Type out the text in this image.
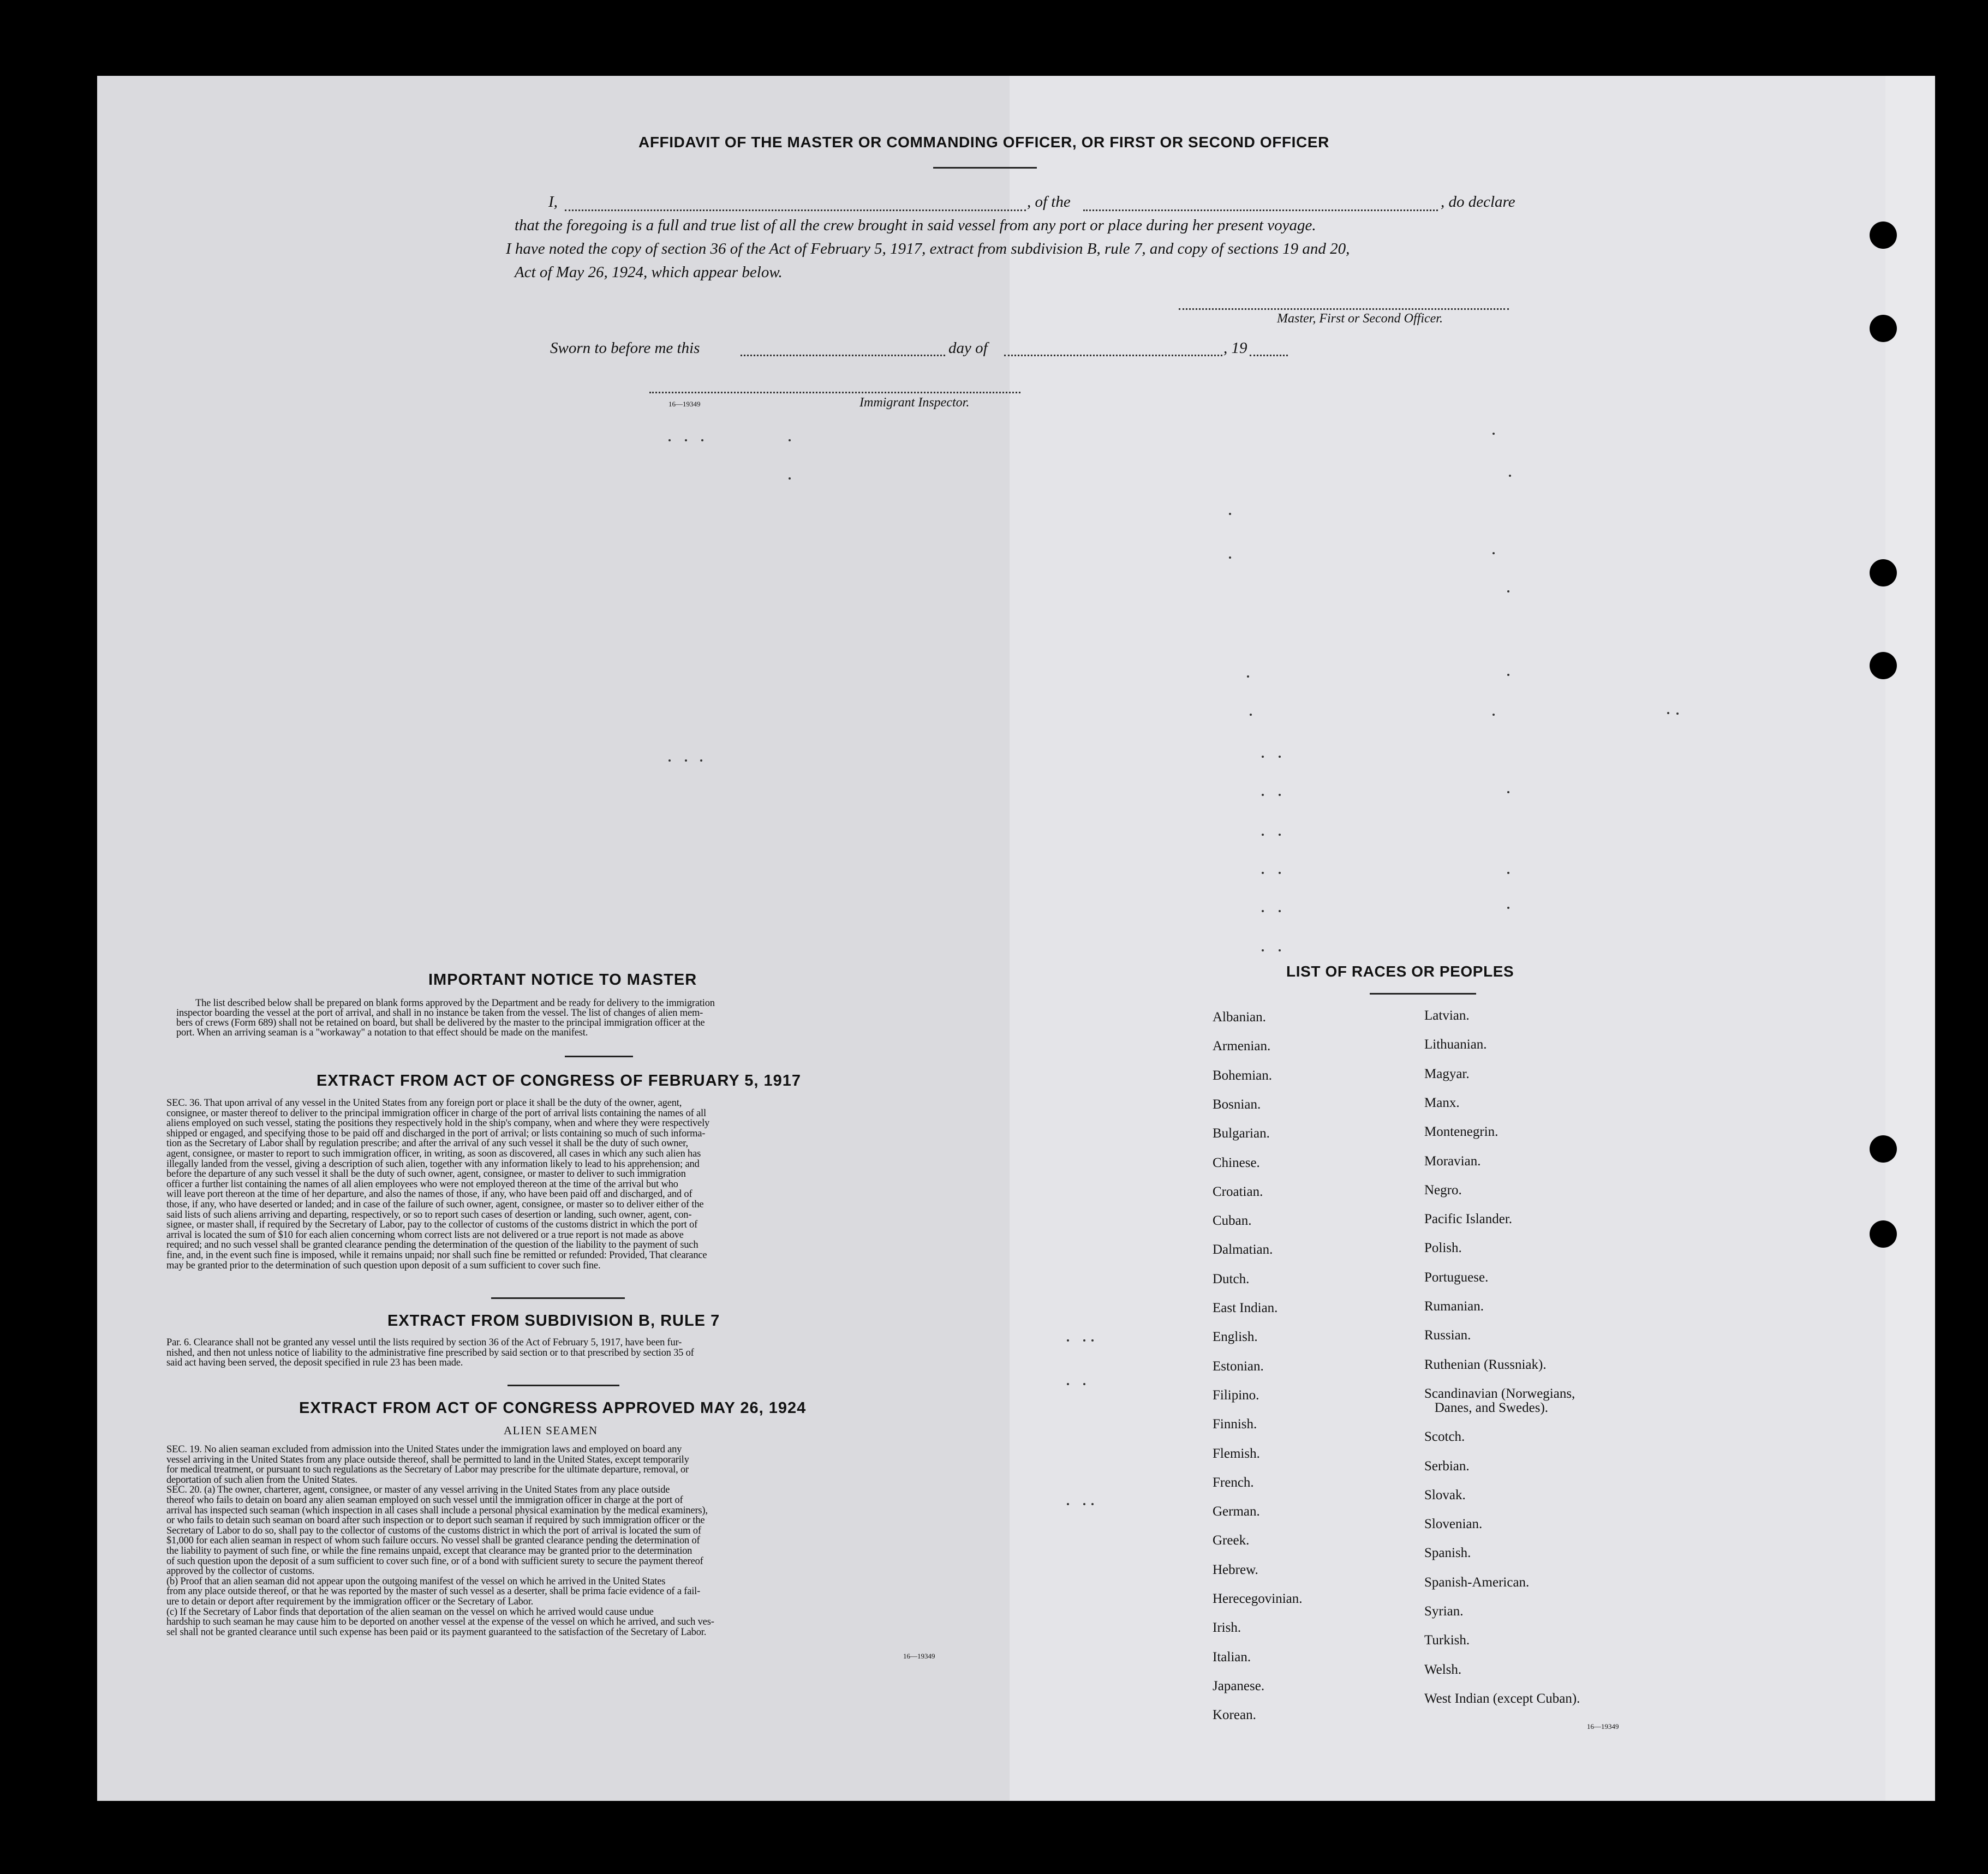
AFFIDAVIT OF THE MASTER OR COMMANDING OFFICER, OR FIRST OR SECOND OFFICER
I,	, of the	, do declare
that the foregoing is a full and true list of all the crew brought in said vessel from any port or place during her present voyage.
I have noted the copy of section 36 of the Act of February 5, 1917, extract from subdivision B, rule 7, and copy of sections 19 and 20,
Act of May 26, 1924, which appear below.
Master, First or Second Officer.
Sworn to before me this	day of	, 19
16—19349	Immigrant Inspector.
IMPORTANT NOTICE TO MASTER
The list described below shall be prepared on blank forms approved by the Department and be ready for delivery to the immigration
inspector boarding the vessel at the port of arrival, and shall in no instance be taken from the vessel. The list of changes of alien mem-
bers of crews (Form 689) shall not be retained on board, but shall be delivered by the master to the principal immigration officer at the
port. When an arriving seaman is a "workaway" a notation to that effect should be made on the manifest.
EXTRACT FROM ACT OF CONGRESS OF FEBRUARY 5, 1917
SEC. 36. That upon arrival of any vessel in the United States from any foreign port or place it shall be the duty of the owner, agent,
consignee, or master thereof to deliver to the principal immigration officer in charge of the port of arrival lists containing the names of all
aliens employed on such vessel, stating the positions they respectively hold in the ship's company, when and where they were respectively
shipped or engaged, and specifying those to be paid off and discharged in the port of arrival; or lists containing so much of such informa-
tion as the Secretary of Labor shall by regulation prescribe; and after the arrival of any such vessel it shall be the duty of such owner,
agent, consignee, or master to report to such immigration officer, in writing, as soon as discovered, all cases in which any such alien has
illegally landed from the vessel, giving a description of such alien, together with any information likely to lead to his apprehension; and
before the departure of any such vessel it shall be the duty of such owner, agent, consignee, or master to deliver to such immigration
officer a further list containing the names of all alien employees who were not employed thereon at the time of the arrival but who
will leave port thereon at the time of her departure, and also the names of those, if any, who have been paid off and discharged, and of
those, if any, who have deserted or landed; and in case of the failure of such owner, agent, consignee, or master so to deliver either of the
said lists of such aliens arriving and departing, respectively, or so to report such cases of desertion or landing, such owner, agent, con-
signee, or master shall, if required by the Secretary of Labor, pay to the collector of customs of the customs district in which the port of
arrival is located the sum of $10 for each alien concerning whom correct lists are not delivered or a true report is not made as above
required; and no such vessel shall be granted clearance pending the determination of the question of the liability to the payment of such
fine, and, in the event such fine is imposed, while it remains unpaid; nor shall such fine be remitted or refunded: Provided, That clearance
may be granted prior to the determination of such question upon deposit of a sum sufficient to cover such fine.
EXTRACT FROM SUBDIVISION B, RULE 7
Par. 6. Clearance shall not be granted any vessel until the lists required by section 36 of the Act of February 5, 1917, have been fur-
nished, and then not unless notice of liability to the administrative fine prescribed by said section or to that prescribed by section 35 of
said act having been served, the deposit specified in rule 23 has been made.
EXTRACT FROM ACT OF CONGRESS APPROVED MAY 26, 1924
ALIEN SEAMEN
SEC. 19. No alien seaman excluded from admission into the United States under the immigration laws and employed on board any
vessel arriving in the United States from any place outside thereof, shall be permitted to land in the United States, except temporarily
for medical treatment, or pursuant to such regulations as the Secretary of Labor may prescribe for the ultimate departure, removal, or
deportation of such alien from the United States.
SEC. 20. (a) The owner, charterer, agent, consignee, or master of any vessel arriving in the United States from any place outside
thereof who fails to detain on board any alien seaman employed on such vessel until the immigration officer in charge at the port of
arrival has inspected such seaman (which inspection in all cases shall include a personal physical examination by the medical examiners),
or who fails to detain such seaman on board after such inspection or to deport such seaman if required by such immigration officer or the
Secretary of Labor to do so, shall pay to the collector of customs of the customs district in which the port of arrival is located the sum of
$1,000 for each alien seaman in respect of whom such failure occurs. No vessel shall be granted clearance pending the determination of
the liability to payment of such fine, or while the fine remains unpaid, except that clearance may be granted prior to the determination
of such question upon the deposit of a sum sufficient to cover such fine, or of a bond with sufficient surety to secure the payment thereof
approved by the collector of customs.
(b) Proof that an alien seaman did not appear upon the outgoing manifest of the vessel on which he arrived in the United States
from any place outside thereof, or that he was reported by the master of such vessel as a deserter, shall be prima facie evidence of a fail-
ure to detain or deport after requirement by the immigration officer or the Secretary of Labor.
(c) If the Secretary of Labor finds that deportation of the alien seaman on the vessel on which he arrived would cause undue
hardship to such seaman he may cause him to be deported on another vessel at the expense of the vessel on which he arrived, and such ves-
sel shall not be granted clearance until such expense has been paid or its payment guaranteed to the satisfaction of the Secretary of Labor.
16—19349
LIST OF RACES OR PEOPLES
Albanian.
Armenian.
Bohemian.
Bosnian.
Bulgarian.
Chinese.
Croatian.
Cuban.
Dalmatian.
Dutch.
East Indian.
English.
Estonian.
Filipino.
Finnish.
Flemish.
French.
German.
Greek.
Hebrew.
Herecegovinian.
Irish.
Italian.
Japanese.
Korean.
Latvian.
Lithuanian.
Magyar.
Manx.
Montenegrin.
Moravian.
Negro.
Pacific Islander.
Polish.
Portuguese.
Rumanian.
Russian.
Ruthenian (Russniak).
Scandinavian (Norwegians,
Danes, and Swedes).
Scotch.
Serbian.
Slovak.
Slovenian.
Spanish.
Spanish-American.
Syrian.
Turkish.
Welsh.
West Indian (except Cuban).
16—19349
